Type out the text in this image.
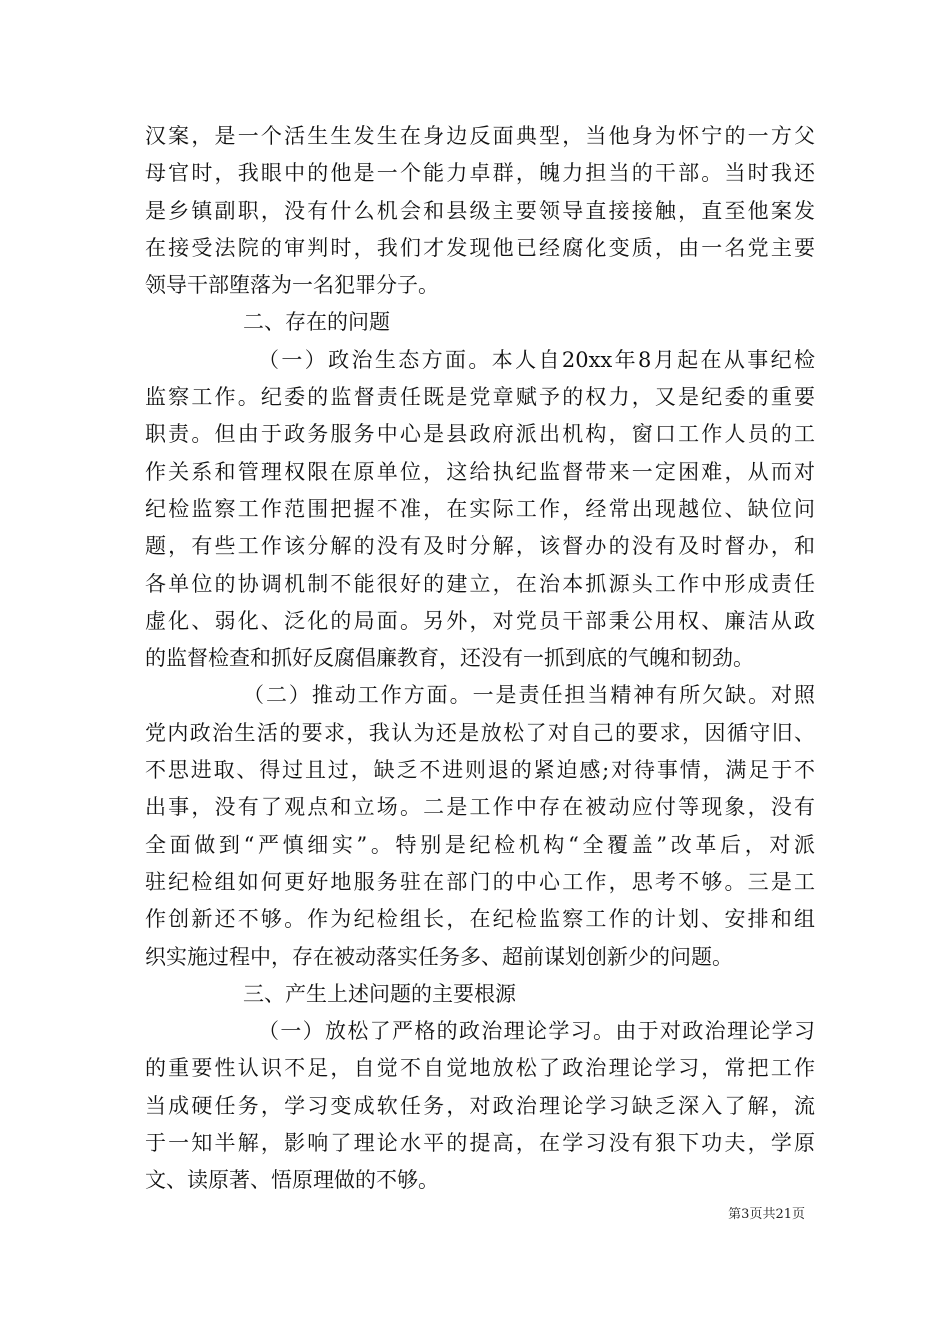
汉案，是一个活生生发生在身边反面典型，当他身为怀宁的一方父
母官时，我眼中的他是一个能力卓群，魄力担当的干部。当时我还
是乡镇副职，没有什么机会和县级主要领导直接接触，直至他案发
在接受法院的审判时，我们才发现他已经腐化变质，由一名党主要
领导干部堕落为一名犯罪分子。
二、存在的问题
（一）政治生态方面。本人自20xx年8月起在从事纪检
监察工作。纪委的监督责任既是党章赋予的权力，又是纪委的重要
职责。但由于政务服务中心是县政府派出机构，窗口工作人员的工
作关系和管理权限在原单位，这给执纪监督带来一定困难，从而对
纪检监察工作范围把握不准，在实际工作，经常出现越位、缺位问
题，有些工作该分解的没有及时分解，该督办的没有及时督办，和
各单位的协调机制不能很好的建立，在治本抓源头工作中形成责任
虚化、弱化、泛化的局面。另外，对党员干部秉公用权、廉洁从政
的监督检查和抓好反腐倡廉教育，还没有一抓到底的气魄和韧劲。
（二）推动工作方面。一是责任担当精神有所欠缺。对照
党内政治生活的要求，我认为还是放松了对自己的要求，因循守旧、
不思进取、得过且过，缺乏不进则退的紧迫感;对待事情，满足于不
出事，没有了观点和立场。二是工作中存在被动应付等现象，没有
全面做到“严慎细实”。特别是纪检机构“全覆盖”改革后，对派
驻纪检组如何更好地服务驻在部门的中心工作，思考不够。三是工
作创新还不够。作为纪检组长，在纪检监察工作的计划、安排和组
织实施过程中，存在被动落实任务多、超前谋划创新少的问题。
三、产生上述问题的主要根源
（一）放松了严格的政治理论学习。由于对政治理论学习
的重要性认识不足，自觉不自觉地放松了政治理论学习，常把工作
当成硬任务，学习变成软任务，对政治理论学习缺乏深入了解，流
于一知半解，影响了理论水平的提高，在学习没有狠下功夫，学原
文、读原著、悟原理做的不够。
第3页共21页
